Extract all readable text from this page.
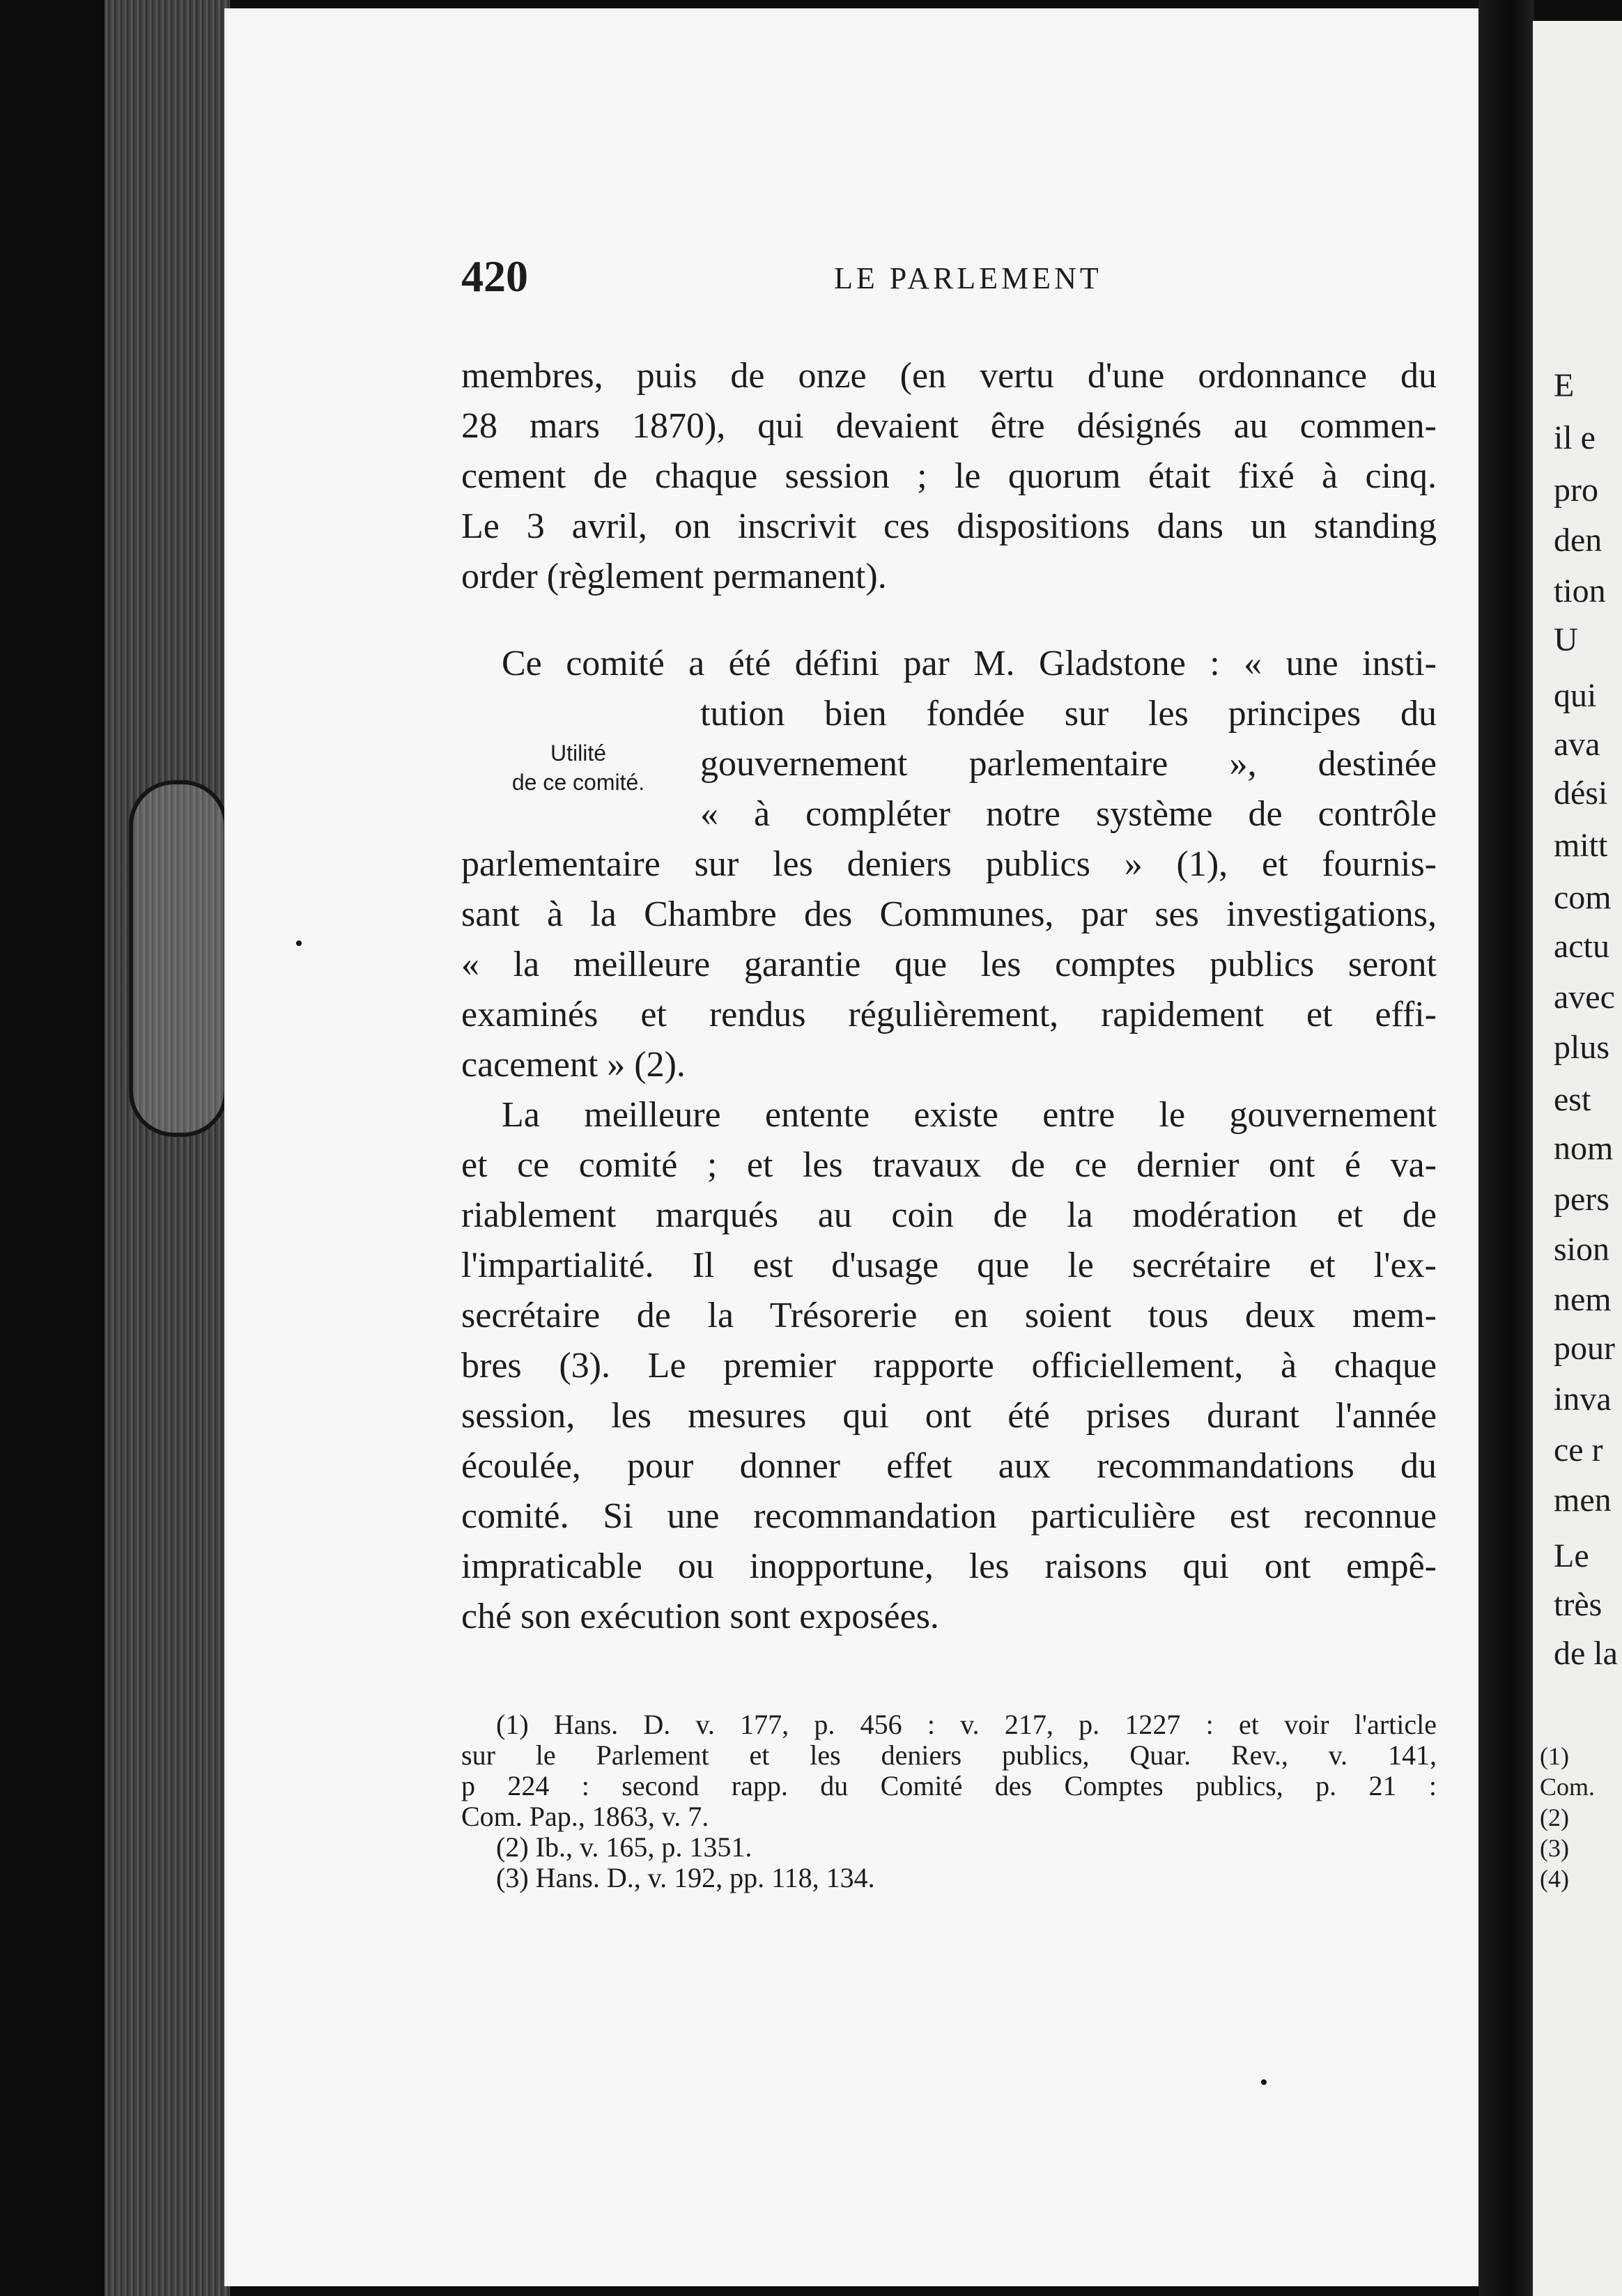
E
il e
pro
den
tion
U
qui
ava
dési
mitt
com
actu
avec
plus
est
nom
pers
sion
nem
pour
inva
ce r
men
Le
très
de la
(1)
Com.
(2)
(3)
(4)
420	LE PARLEMENT
Utilité
de ce comité.
membres, puis de onze (en vertu d'une ordonnance du
28 mars 1870), qui devaient être désignés au commen-
cement de chaque session ; le quorum était fixé à cinq.
Le 3 avril, on inscrivit ces dispositions dans un standing
order (règlement permanent).
Ce comité a été défini par M. Gladstone : « une insti-
tution bien fondée sur les principes du
gouvernement parlementaire », destinée
« à compléter notre système de contrôle
parlementaire sur les deniers publics » (1), et fournis-
sant à la Chambre des Communes, par ses investigations,
« la meilleure garantie que les comptes publics seront
examinés et rendus régulièrement, rapidement et effi-
cacement » (2).
La meilleure entente existe entre le gouvernement
et ce comité ; et les travaux de ce dernier ont é va-
riablement marqués au coin de la modération et de
l'impartialité. Il est d'usage que le secrétaire et l'ex-
secrétaire de la Trésorerie en soient tous deux mem-
bres (3). Le premier rapporte officiellement, à chaque
session, les mesures qui ont été prises durant l'année
écoulée, pour donner effet aux recommandations du
comité. Si une recommandation particulière est reconnue
impraticable ou inopportune, les raisons qui ont empê-
ché son exécution sont exposées.
(1) Hans. D. v. 177, p. 456 : v. 217, p. 1227 : et voir l'article
sur le Parlement et les deniers publics, Quar. Rev., v. 141,
p 224 : second rapp. du Comité des Comptes publics, p. 21 :
Com. Pap., 1863, v. 7.
(2) Ib., v. 165, p. 1351.
(3) Hans. D., v. 192, pp. 118, 134.
